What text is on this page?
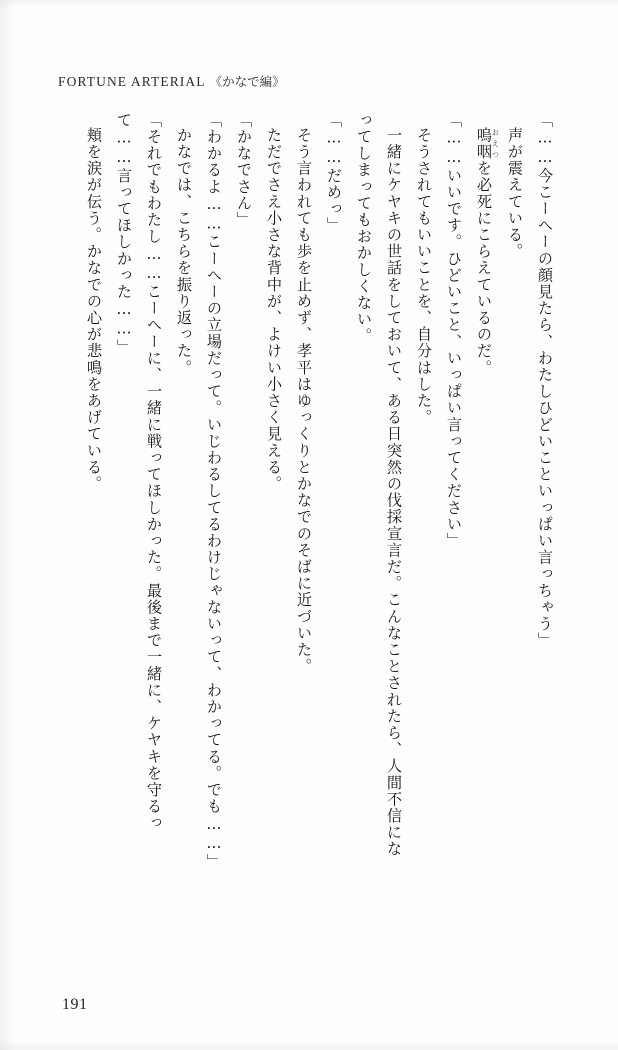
FORTUNE ARTERIAL 《かなで編》

「……今こーへーの顔見たら、わたしひどいこといっぱい言っちゃう」

声が震えている。

嗚咽おえつを必死にこらえているのだ。

「……いいです。ひどいこと、いっぱい言ってください」

そうされてもいいことを、自分はした。

一緒にケヤキの世話をしておいて、ある日突然の伐採宣言だ。こんなことされたら、人間不信になってしまってもおかしくない。

「……だめっ」

そう言われても歩を止めず、孝平はゆっくりとかなでのそばに近づいた。

ただでさえ小さな背中が、よけい小さく見える。

「かなでさん」

「わかるよ……こーへーの立場だって。いじわるしてるわけじゃないって、わかってる。でも……」

かなでは、こちらを振り返った。

「それでもわたし……こーへーに、一緒に戦ってほしかった。最後まで一緒に、ケヤキを守るって……言ってほしかった……」

頬を涙が伝う。かなでの心が悲鳴をあげている。

191
